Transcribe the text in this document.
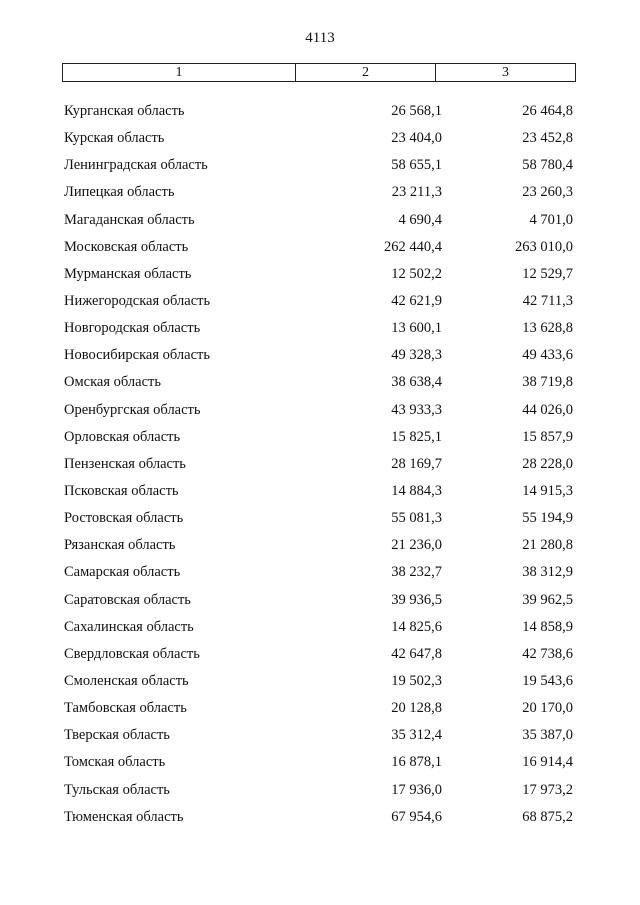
4113
1	2	3
Курганская область	26 568,1	26 464,8
Курская область	23 404,0	23 452,8
Ленинградская область	58 655,1	58 780,4
Липецкая область	23 211,3	23 260,3
Магаданская область	4 690,4	4 701,0
Московская область	262 440,4	263 010,0
Мурманская область	12 502,2	12 529,7
Нижегородская область	42 621,9	42 711,3
Новгородская область	13 600,1	13 628,8
Новосибирская область	49 328,3	49 433,6
Омская область	38 638,4	38 719,8
Оренбургская область	43 933,3	44 026,0
Орловская область	15 825,1	15 857,9
Пензенская область	28 169,7	28 228,0
Псковская область	14 884,3	14 915,3
Ростовская область	55 081,3	55 194,9
Рязанская область	21 236,0	21 280,8
Самарская область	38 232,7	38 312,9
Саратовская область	39 936,5	39 962,5
Сахалинская область	14 825,6	14 858,9
Свердловская область	42 647,8	42 738,6
Смоленская область	19 502,3	19 543,6
Тамбовская область	20 128,8	20 170,0
Тверская область	35 312,4	35 387,0
Томская область	16 878,1	16 914,4
Тульская область	17 936,0	17 973,2
Тюменская область	67 954,6	68 875,2
